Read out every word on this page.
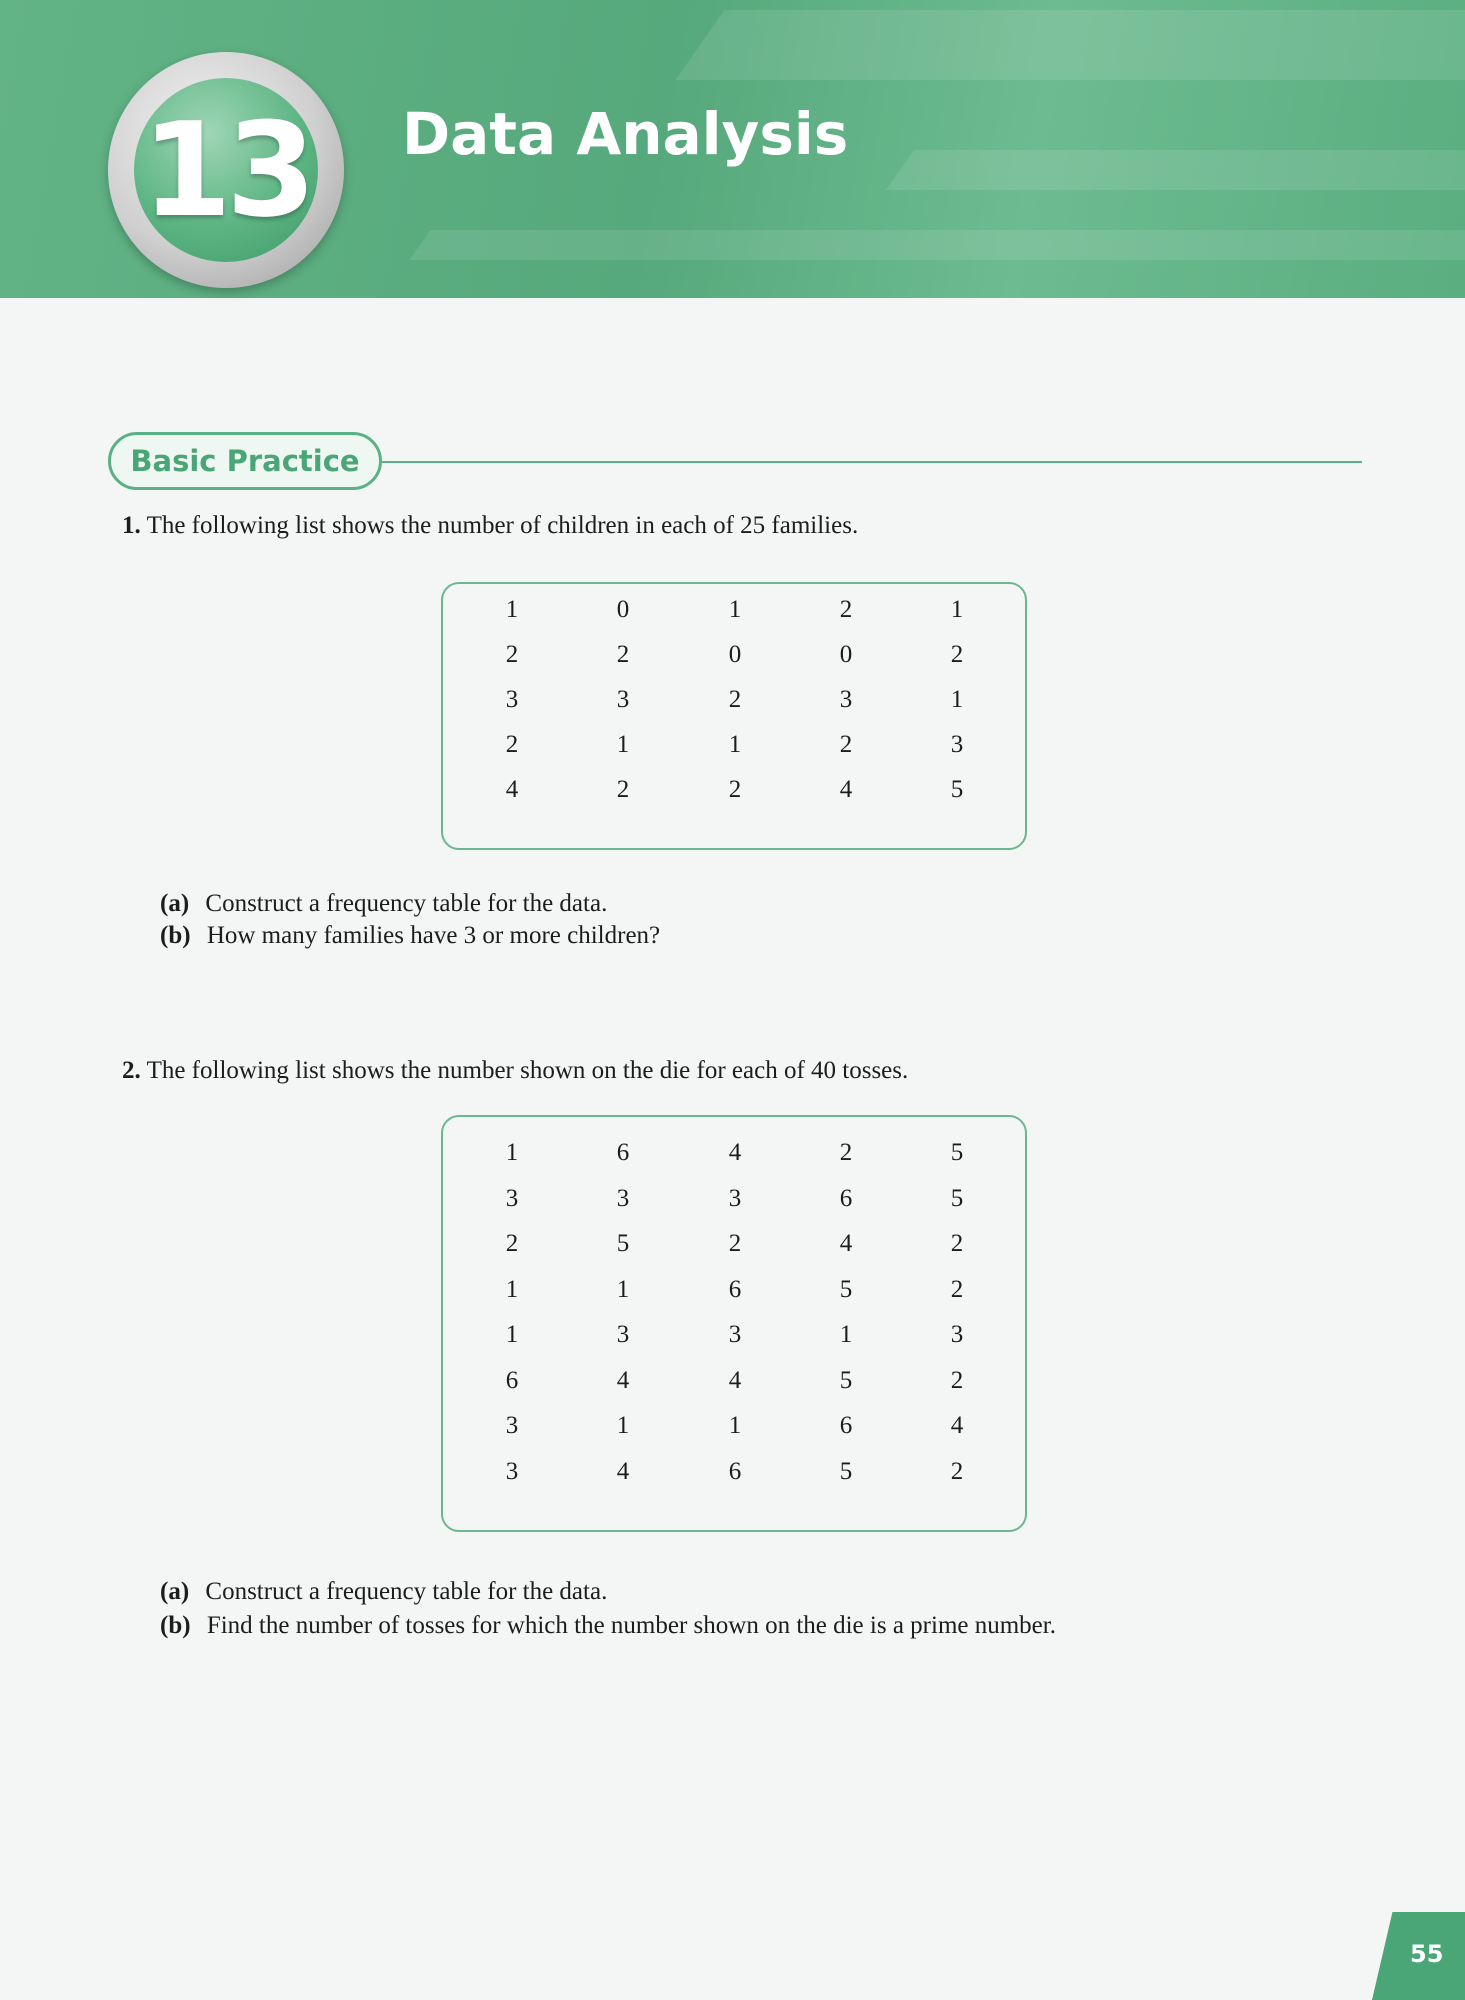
13 Data Analysis
Basic Practice
1. The following list shows the number of children in each of 25 families.
1	0	1	2	1
2	2	0	0	2
3	3	2	3	1
2	1	1	2	3
4	2	2	4	5
(a) Construct a frequency table for the data.
(b) How many families have 3 or more children?
2. The following list shows the number shown on the die for each of 40 tosses.
1	6	4	2	5
3	3	3	6	5
2	5	2	4	2
1	1	6	5	2
1	3	3	1	3
6	4	4	5	2
3	1	1	6	4
3	4	6	5	2
(a) Construct a frequency table for the data.
(b) Find the number of tosses for which the number shown on the die is a prime number.
55
